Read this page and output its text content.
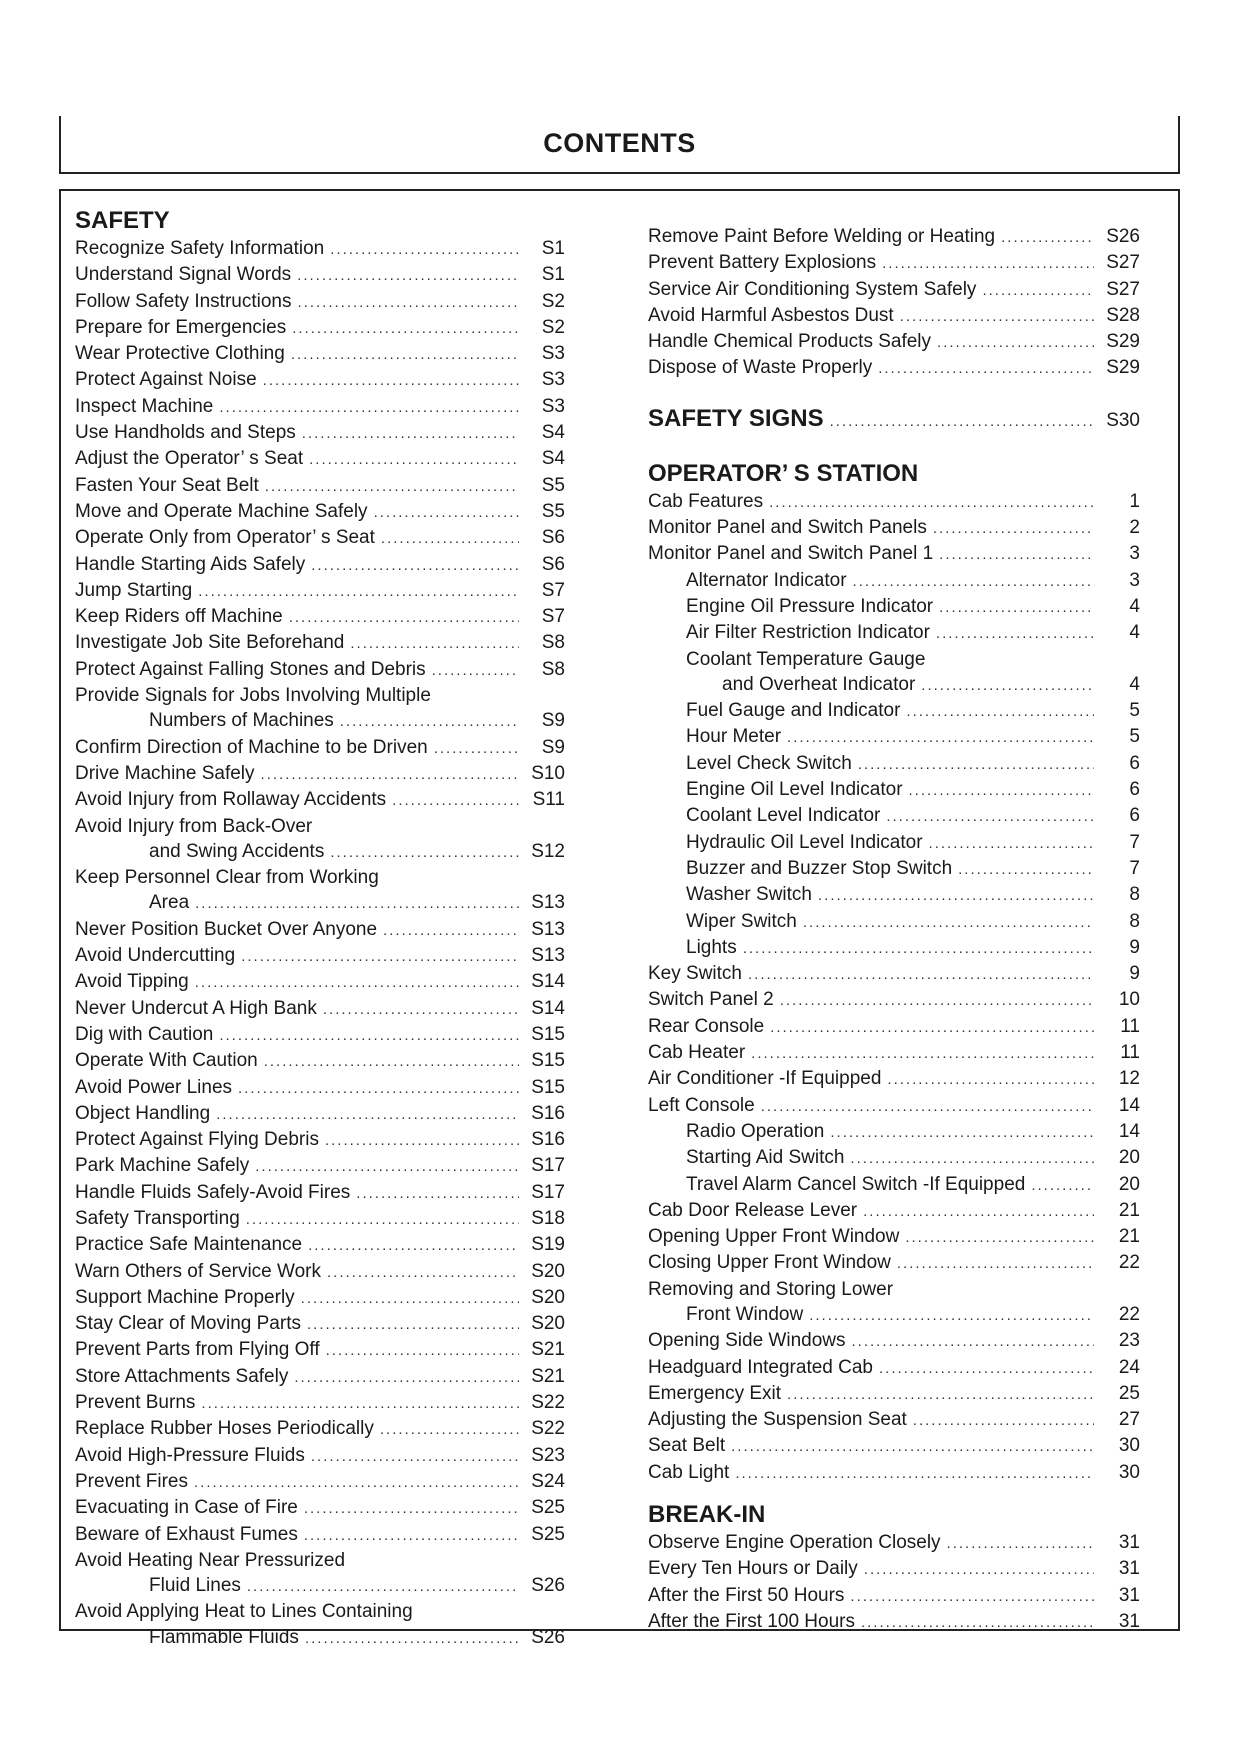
CONTENTS
SAFETY
Recognize Safety Information .....	S1
Understand Signal Words .....	S1
Follow Safety Instructions .....	S2
Prepare for Emergencies .....	S2
Wear Protective Clothing .....	S3
Protect Against Noise .....	S3
Inspect Machine .....	S3
Use Handholds and Steps .....	S4
Adjust the Operator’ s Seat .....	S4
Fasten Your Seat Belt .....	S5
Move and Operate Machine Safely .....	S5
Operate Only from Operator’ s Seat .....	S6
Handle Starting Aids Safely .....	S6
Jump Starting .....	S7
Keep Riders off Machine .....	S7
Investigate Job Site Beforehand .....	S8
Protect Against Falling Stones and Debris .....	S8
Provide Signals for Jobs Involving Multiple
Numbers of Machines .....	S9
Confirm Direction of Machine to be Driven .....	S9
Drive Machine Safely .....	S10
Avoid Injury from Rollaway Accidents .....	S11
Avoid Injury from Back-Over
and Swing Accidents .....	S12
Keep Personnel Clear from Working
Area .....	S13
Never Position Bucket Over Anyone .....	S13
Avoid Undercutting .....	S13
Avoid Tipping .....	S14
Never Undercut A High Bank .....	S14
Dig with Caution .....	S15
Operate With Caution .....	S15
Avoid Power Lines .....	S15
Object Handling .....	S16
Protect Against Flying Debris .....	S16
Park Machine Safely .....	S17
Handle Fluids Safely-Avoid Fires .....	S17
Safety Transporting .....	S18
Practice Safe Maintenance .....	S19
Warn Others of Service Work .....	S20
Support Machine Properly .....	S20
Stay Clear of Moving Parts .....	S20
Prevent Parts from Flying Off .....	S21
Store Attachments Safely .....	S21
Prevent Burns .....	S22
Replace Rubber Hoses Periodically .....	S22
Avoid High-Pressure Fluids .....	S23
Prevent Fires .....	S24
Evacuating in Case of Fire .....	S25
Beware of Exhaust Fumes .....	S25
Avoid Heating Near Pressurized
Fluid Lines .....	S26
Avoid Applying Heat to Lines Containing
Flammable Fluids .....	S26
Remove Paint Before Welding or Heating .....	S26
Prevent Battery Explosions .....	S27
Service Air Conditioning System Safely .....	S27
Avoid Harmful Asbestos Dust .....	S28
Handle Chemical Products Safely .....	S29
Dispose of Waste Properly .....	S29
SAFETY SIGNS .....	S30
OPERATOR’ S STATION
Cab Features .....	1
Monitor Panel and Switch Panels .....	2
Monitor Panel and Switch Panel 1 .....	3
Alternator Indicator .....	3
Engine Oil Pressure Indicator .....	4
Air Filter Restriction Indicator .....	4
Coolant Temperature Gauge
and Overheat Indicator .....	4
Fuel Gauge and Indicator .....	5
Hour Meter .....	5
Level Check Switch .....	6
Engine Oil Level Indicator .....	6
Coolant Level Indicator .....	6
Hydraulic Oil Level Indicator .....	7
Buzzer and Buzzer Stop Switch .....	7
Washer Switch .....	8
Wiper Switch .....	8
Lights .....	9
Key Switch .....	9
Switch Panel 2 .....	10
Rear Console .....	11
Cab Heater .....	11
Air Conditioner -If Equipped .....	12
Left Console .....	14
Radio Operation .....	14
Starting Aid Switch .....	20
Travel Alarm Cancel Switch -If Equipped .....	20
Cab Door Release Lever .....	21
Opening Upper Front Window .....	21
Closing Upper Front Window .....	22
Removing and Storing Lower
Front Window .....	22
Opening Side Windows .....	23
Headguard Integrated Cab .....	24
Emergency Exit .....	25
Adjusting the Suspension Seat .....	27
Seat Belt .....	30
Cab Light .....	30
BREAK-IN
Observe Engine Operation Closely .....	31
Every Ten Hours or Daily .....	31
After the First 50 Hours .....	31
After the First 100 Hours .....	31
